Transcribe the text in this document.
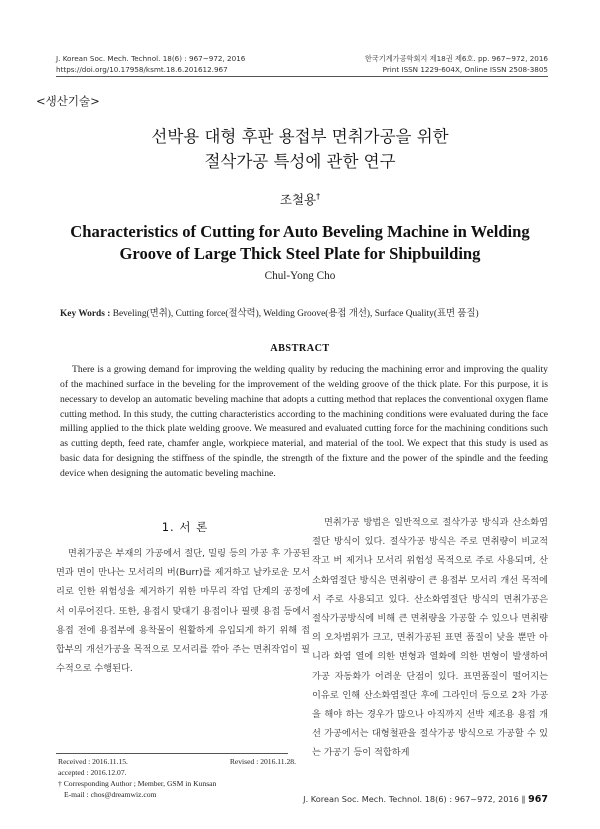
J. Korean Soc. Mech. Technol. 18(6) : 967~972, 2016
https://doi.org/10.17958/ksmt.18.6.201612.967
한국기계가공학회지 제18권 제6호. pp. 967~972, 2016
Print ISSN 1229-604X, Online ISSN 2508-3805
<생산기술>
선박용 대형 후판 용접부 면취가공을 위한
절삭가공 특성에 관한 연구
조철용†
Characteristics of Cutting for Auto Beveling Machine in Welding
Groove of Large Thick Steel Plate for Shipbuilding
Chul-Yong Cho
Key Words : Beveling(면취), Cutting force(절삭력), Welding Groove(용접 개선), Surface Quality(표면 품질)
ABSTRACT
There is a growing demand for improving the welding quality by reducing the machining error and improving the quality of the machined surface in the beveling for the improvement of the welding groove of the thick plate. For this purpose, it is necessary to develop an automatic beveling machine that adopts a cutting method that replaces the conventional oxygen flame cutting method. In this study, the cutting characteristics according to the machining conditions were evaluated during the face milling applied to the thick plate welding groove. We measured and evaluated cutting force for the machining conditions such as cutting depth, feed rate, chamfer angle, workpiece material, and material of the tool. We expect that this study is used as basic data for designing the stiffness of the spindle, the strength of the fixture and the power of the spindle and the feeding device when designing the automatic beveling machine.
1. 서 론
면취가공은 부재의 가공에서 절단, 밀링 등의 가공 후 가공된 면과 면이 만나는 모서리의 버(Burr)를 제거하고 날카로운 모서리로 인한 위험성을 제거하기 위한 마무리 작업 단계의 공정에서 이루어진다. 또한, 용접시 맞대기 용접이나 필렛 용접 등에서 용접 전에 용접부에 용착물이 원활하게 유입되게 하기 위해 접합부의 개선가공을 목적으로 모서리를 깎아 주는 면취작업이 필수적으로 수행된다.
면취가공 방법은 일반적으로 절삭가공 방식과 산소화염절단 방식이 있다. 절삭가공 방식은 주로 면취량이 비교적 작고 버 제거나 모서리 위험성 목적으로 주로 사용되며, 산소화염절단 방식은 면취량이 큰 용접부 모서리 개선 목적에서 주로 사용되고 있다. 산소화염절단 방식의 면취가공은 절삭가공방식에 비해 큰 면취량을 가공할 수 있으나 면취량의 오차범위가 크고, 면취가공된 표면 품질이 낮을 뿐만 아니라 화염 열에 의한 변형과 열화에 의한 변형이 발생하여 가공 자동화가 어려운 단점이 있다. 표면품질이 떨어지는 이유로 인해 산소화염절단 후에 그라인더 등으로 2차 가공을 해야 하는 경우가 많으나 아직까지 선박 제조용 용접 개선 가공에서는 대형철판을 절삭가공 방식으로 가공할 수 있는 가공기 등이 적합하게
Received : 2016.11.15.	Revised : 2016.11.28.
accepted : 2016.12.07.
† Corresponding Author ; Member, GSM in Kunsan
E-mail : chos@dreamwiz.com	J. Korean Soc. Mech. Technol. 18(6) : 967~972, 2016 ∥ 967
